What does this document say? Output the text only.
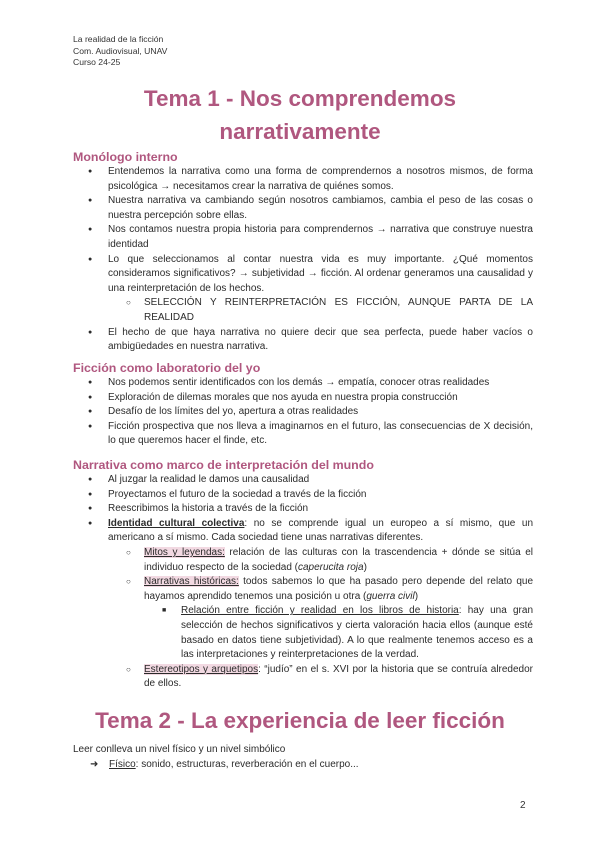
La realidad de la ficción
Com. Audiovisual, UNAV
Curso 24-25
Tema 1 - Nos comprendemos
narrativamente
Monólogo interno
● Entendemos la narrativa como una forma de comprendernos a nosotros mismos, de forma psicológica → necesitamos crear la narrativa de quiénes somos.
● Nuestra narrativa va cambiando según nosotros cambiamos, cambia el peso de las cosas o nuestra percepción sobre ellas.
● Nos contamos nuestra propia historia para comprendernos → narrativa que construye nuestra identidad
● Lo que seleccionamos al contar nuestra vida es muy importante. ¿Qué momentos consideramos significativos? → subjetividad → ficción. Al ordenar generamos una causalidad y una reinterpretación de los hechos.
○ SELECCIÓN Y REINTERPRETACIÓN ES FICCIÓN, AUNQUE PARTA DE LA REALIDAD
● El hecho de que haya narrativa no quiere decir que sea perfecta, puede haber vacíos o ambigüedades en nuestra narrativa.
Ficción como laboratorio del yo
● Nos podemos sentir identificados con los demás → empatía, conocer otras realidades
● Exploración de dilemas morales que nos ayuda en nuestra propia construcción
● Desafío de los límites del yo, apertura a otras realidades
● Ficción prospectiva que nos lleva a imaginarnos en el futuro, las consecuencias de X decisión, lo que queremos hacer el finde, etc.
Narrativa como marco de interpretación del mundo
● Al juzgar la realidad le damos una causalidad
● Proyectamos el futuro de la sociedad a través de la ficción
● Reescribimos la historia a través de la ficción
● Identidad cultural colectiva: no se comprende igual un europeo a sí mismo, que un americano a sí mismo. Cada sociedad tiene unas narrativas diferentes.
○ Mitos y leyendas: relación de las culturas con la trascendencia + dónde se sitúa el individuo respecto de la sociedad (caperucita roja)
○ Narrativas históricas: todos sabemos lo que ha pasado pero depende del relato que hayamos aprendido tenemos una posición u otra (guerra civil)
■ Relación entre ficción y realidad en los libros de historia: hay una gran selección de hechos significativos y cierta valoración hacia ellos (aunque esté basado en datos tiene subjetividad). A lo que realmente tenemos acceso es a las interpretaciones y reinterpretaciones de la verdad.
○ Estereotipos y arquetipos: “judío” en el s. XVI por la historia que se contruía alrededor de ellos.
Tema 2 - La experiencia de leer ficción
Leer conlleva un nivel físico y un nivel simbólico
➜ Físico: sonido, estructuras, reverberación en el cuerpo...
2
